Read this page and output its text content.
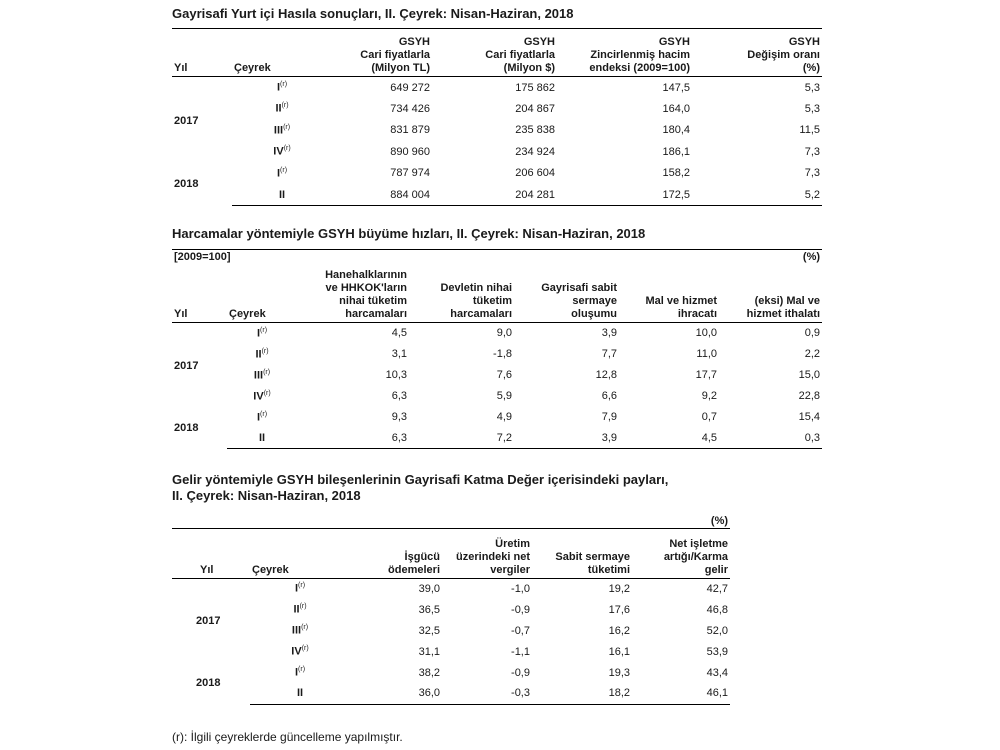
Gayrisafi Yurt içi Hasıla sonuçları, II. Çeyrek: Nisan-Haziran, 2018
Yıl	Çeyrek	GSYH
Cari fiyatlarla
(Milyon TL)	GSYH
Cari fiyatlarla
(Milyon $)	GSYH
Zincirlenmiş hacim
endeksi (2009=100)	GSYH
Değişim oranı
(%)
2017	$I^{(r)}$	649 272	175 862	147,5	5,3
	II$^{(r)}$	734 426	204 867	164,0	5,3
	III$^{(r)}$	831 879	235 838	180,4	11,5
	IV$^{(r)}$	890 960	234 924	186,1	7,3
2018	$I^{(r)}$	787 974	206 604	158,2	7,3
	II	884 004	204 281	172,5	5,2
Harcamalar yöntemiyle GSYH büyüme hızları, II. Çeyrek: Nisan-Haziran, 2018
[2009=100]						(%)
Yıl	Çeyrek	Hanehalklarının
ve HHKOK'ların
nihai tüketim
harcamaları	Devletin nihai
tüketim
harcamaları	Gayrisafi sabit
sermaye
oluşumu	Mal ve hizmet
ihracatı	(eksi) Mal ve
hizmet ithalatı
2017	$I^{(r)}$	4,5	9,0	3,9	10,0	0,9
	II$^{(r)}$	3,1	-1,8	7,7	11,0	2,2
	III$^{(r)}$	10,3	7,6	12,8	17,7	15,0
	IV$^{(r)}$	6,3	5,9	6,6	9,2	22,8
2018	$I^{(r)}$	9,3	4,9	7,9	0,7	15,4
	II	6,3	7,2	3,9	4,5	0,3
Gelir yöntemiyle GSYH bileşenlerinin Gayrisafi Katma Değer içerisindeki payları,
II. Çeyrek: Nisan-Haziran, 2018
					(%)
Yıl	Çeyrek	İşgücü
ödemeleri	Üretim
üzerindeki net
vergiler	Sabit sermaye
tüketimi	Net işletme
artığı/Karma
gelir
2017	$I^{(r)}$	39,0	-1,0	19,2	42,7
	II$^{(r)}$	36,5	-0,9	17,6	46,8
	III$^{(r)}$	32,5	-0,7	16,2	52,0
	IV$^{(r)}$	31,1	-1,1	16,1	53,9
2018	$I^{(r)}$	38,2	-0,9	19,3	43,4
	II	36,0	-0,3	18,2	46,1
(r): İlgili çeyreklerde güncelleme yapılmıştır.
